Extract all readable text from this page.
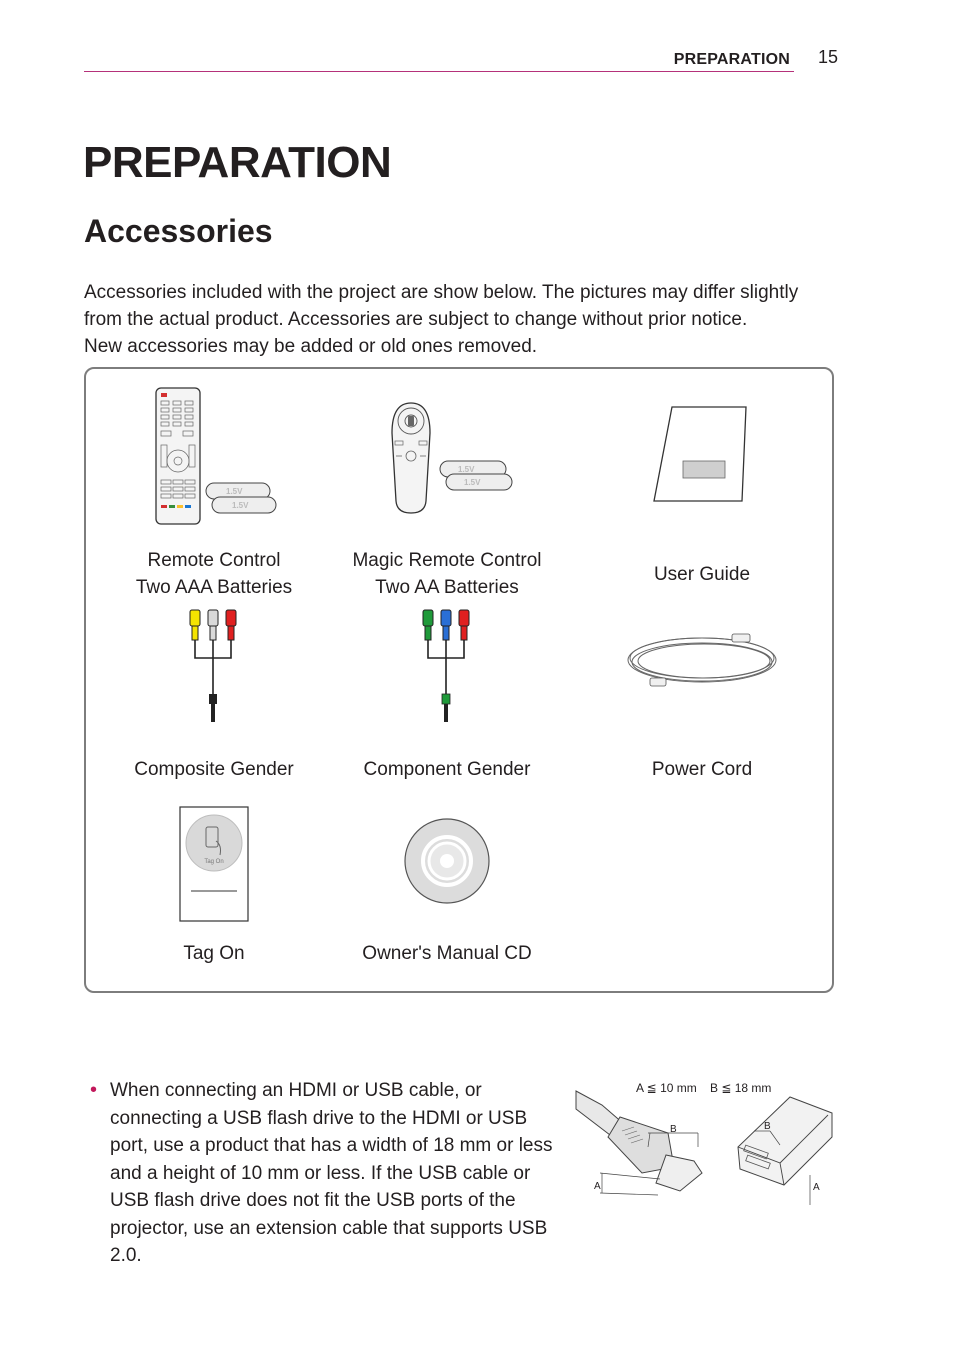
PREPARATION 15
PREPARATION
Accessories

Accessories included with the project are show below. The pictures may differ slightly

from the actual product. Accessories are subject to change without prior notice.

New accessories may be added or old ones removed.

1.5V
1.5V
Remote Control
Two AAA Batteries
1.5V
1.5V
Magic Remote Control
Two AA Batteries
User Guide
Composite Gender	Component Gender	Power Cord
Tag On
Tag On	Owner's Manual CD
• When connecting an HDMI or USB cable, or connecting a USB flash drive to the HDMI or USB port, use a product that has a width of 18 mm or less and a height of 10 mm or less. If the USB cable or USB flash drive does not fit the USB ports of the projector, use an extension cable that supports USB 2.0.
A ≦ 10 mm B ≦ 18 mm
B
A
B
A
